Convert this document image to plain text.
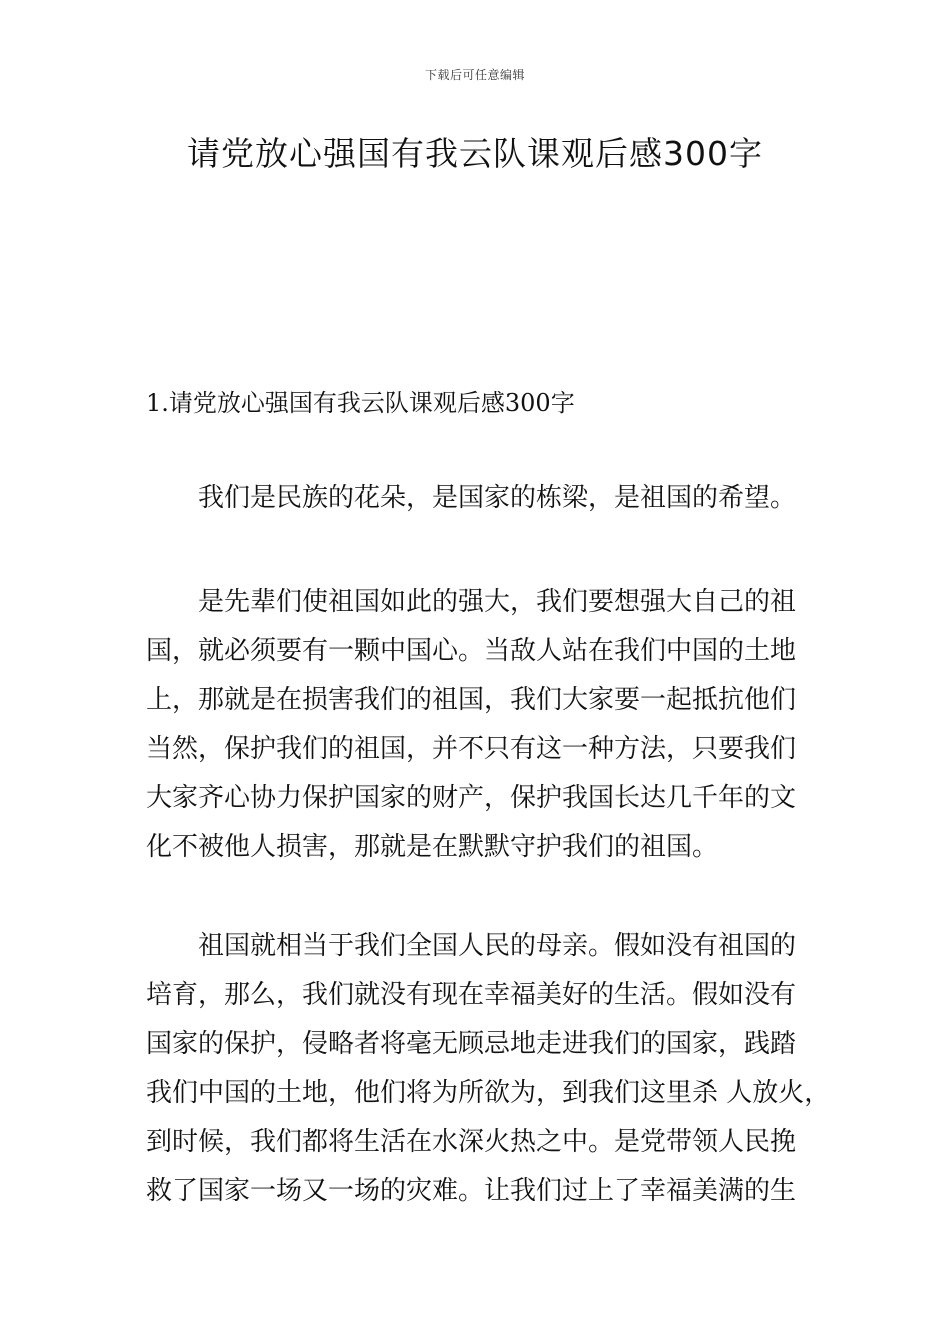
下载后可任意编辑
请党放心强国有我云队课观后感300字
1.请党放心强国有我云队课观后感300字

我们是民族的花朵，是国家的栋梁，是祖国的希望。

是先辈们使祖国如此的强大，我们要想强大自己的祖
国，就必须要有一颗中国心。当敌人站在我们中国的土地
上，那就是在损害我们的祖国，我们大家要一起抵抗他们
当然，保护我们的祖国，并不只有这一种方法，只要我们
大家齐心协力保护国家的财产，保护我国长达几千年的文
化不被他人损害，那就是在默默守护我们的祖国。

祖国就相当于我们全国人民的母亲。假如没有祖国的
培育，那么，我们就没有现在幸福美好的生活。假如没有
国家的保护，侵略者将毫无顾忌地走进我们的国家，践踏
我们中国的土地，他们将为所欲为，到我们这里杀 人放火，
到时候，我们都将生活在水深火热之中。是党带领人民挽
救了国家一场又一场的灾难。让我们过上了幸福美满的生
